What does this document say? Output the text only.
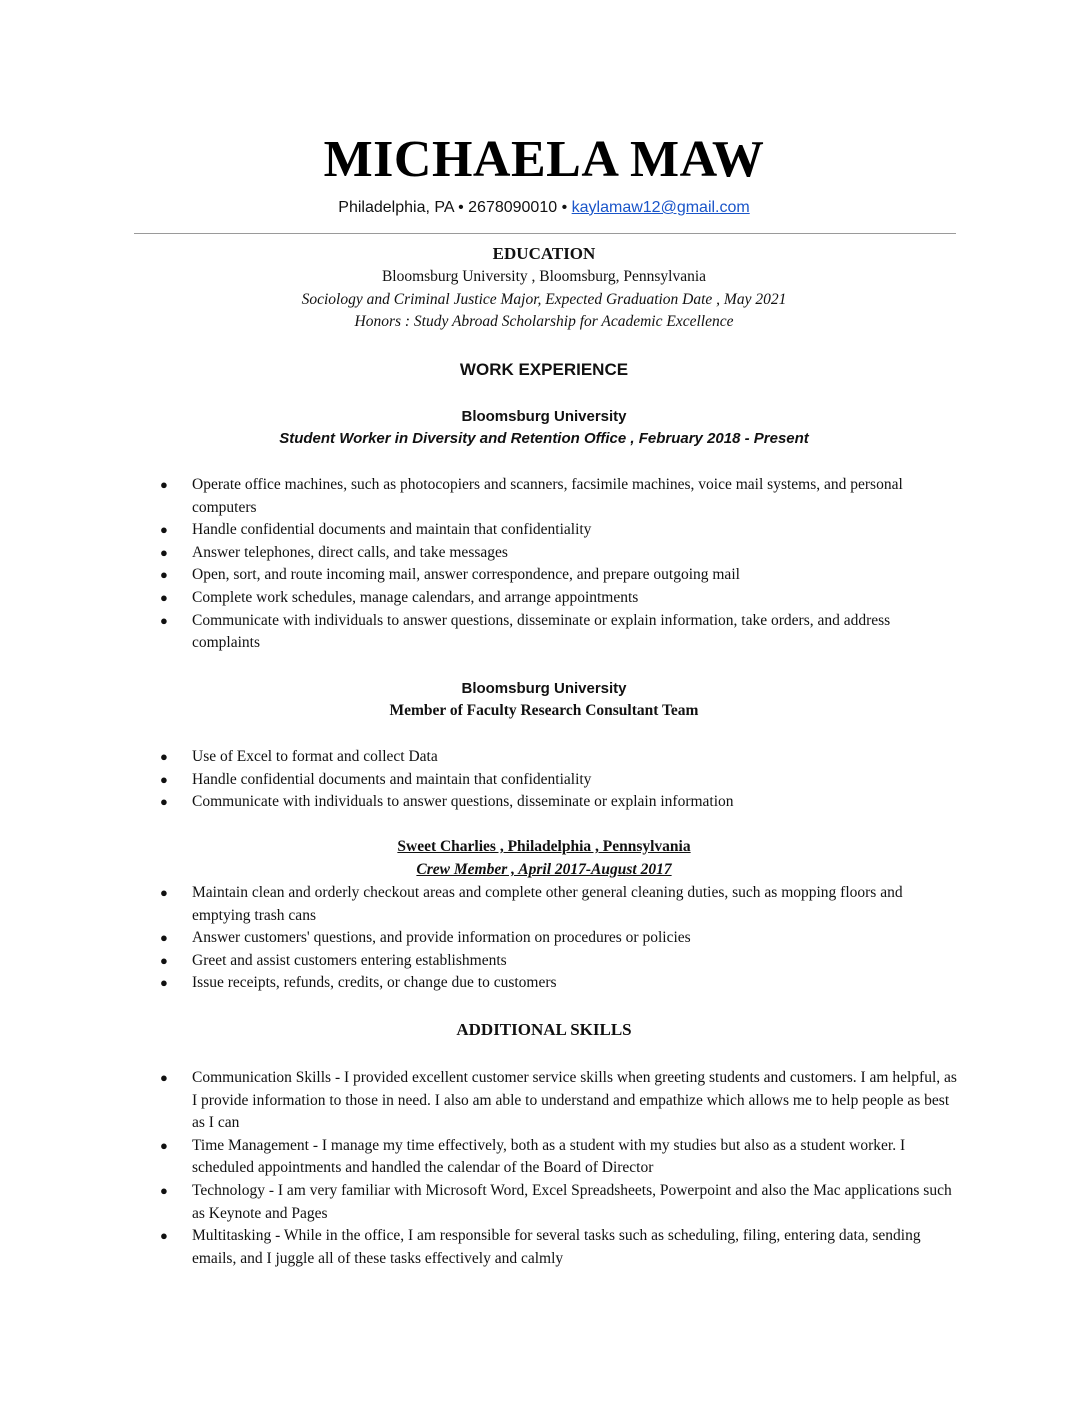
MICHAELA MAW
Philadelphia, PA • 2678090010 • kaylamaw12@gmail.com
EDUCATION
Bloomsburg University , Bloomsburg, Pennsylvania
Sociology and Criminal Justice Major, Expected Graduation Date , May 2021
Honors : Study Abroad Scholarship for Academic Excellence
WORK EXPERIENCE
Bloomsburg University
Student Worker in Diversity and Retention Office , February 2018 - Present
● Operate office machines, such as photocopiers and scanners, facsimile machines, voice mail systems, and personal computers
● Handle confidential documents and maintain that confidentiality
● Answer telephones, direct calls, and take messages
● Open, sort, and route incoming mail, answer correspondence, and prepare outgoing mail
● Complete work schedules, manage calendars, and arrange appointments
● Communicate with individuals to answer questions, disseminate or explain information, take orders, and address complaints
Bloomsburg University
Member of Faculty Research Consultant Team
● Use of Excel to format and collect Data
● Handle confidential documents and maintain that confidentiality
● Communicate with individuals to answer questions, disseminate or explain information
Sweet Charlies , Philadelphia , Pennsylvania
Crew Member , April 2017-August 2017
● Maintain clean and orderly checkout areas and complete other general cleaning duties, such as mopping floors and emptying trash cans
● Answer customers' questions, and provide information on procedures or policies
● Greet and assist customers entering establishments
● Issue receipts, refunds, credits, or change due to customers
ADDITIONAL SKILLS
● Communication Skills - I provided excellent customer service skills when greeting students and customers. I am helpful, as I provide information to those in need. I also am able to understand and empathize which allows me to help people as best as I can
● Time Management - I manage my time effectively, both as a student with my studies but also as a student worker. I scheduled appointments and handled the calendar of the Board of Director
● Technology - I am very familiar with Microsoft Word, Excel Spreadsheets, Powerpoint and also the Mac applications such as Keynote and Pages
● Multitasking - While in the office, I am responsible for several tasks such as scheduling, filing, entering data, sending emails, and I juggle all of these tasks effectively and calmly
